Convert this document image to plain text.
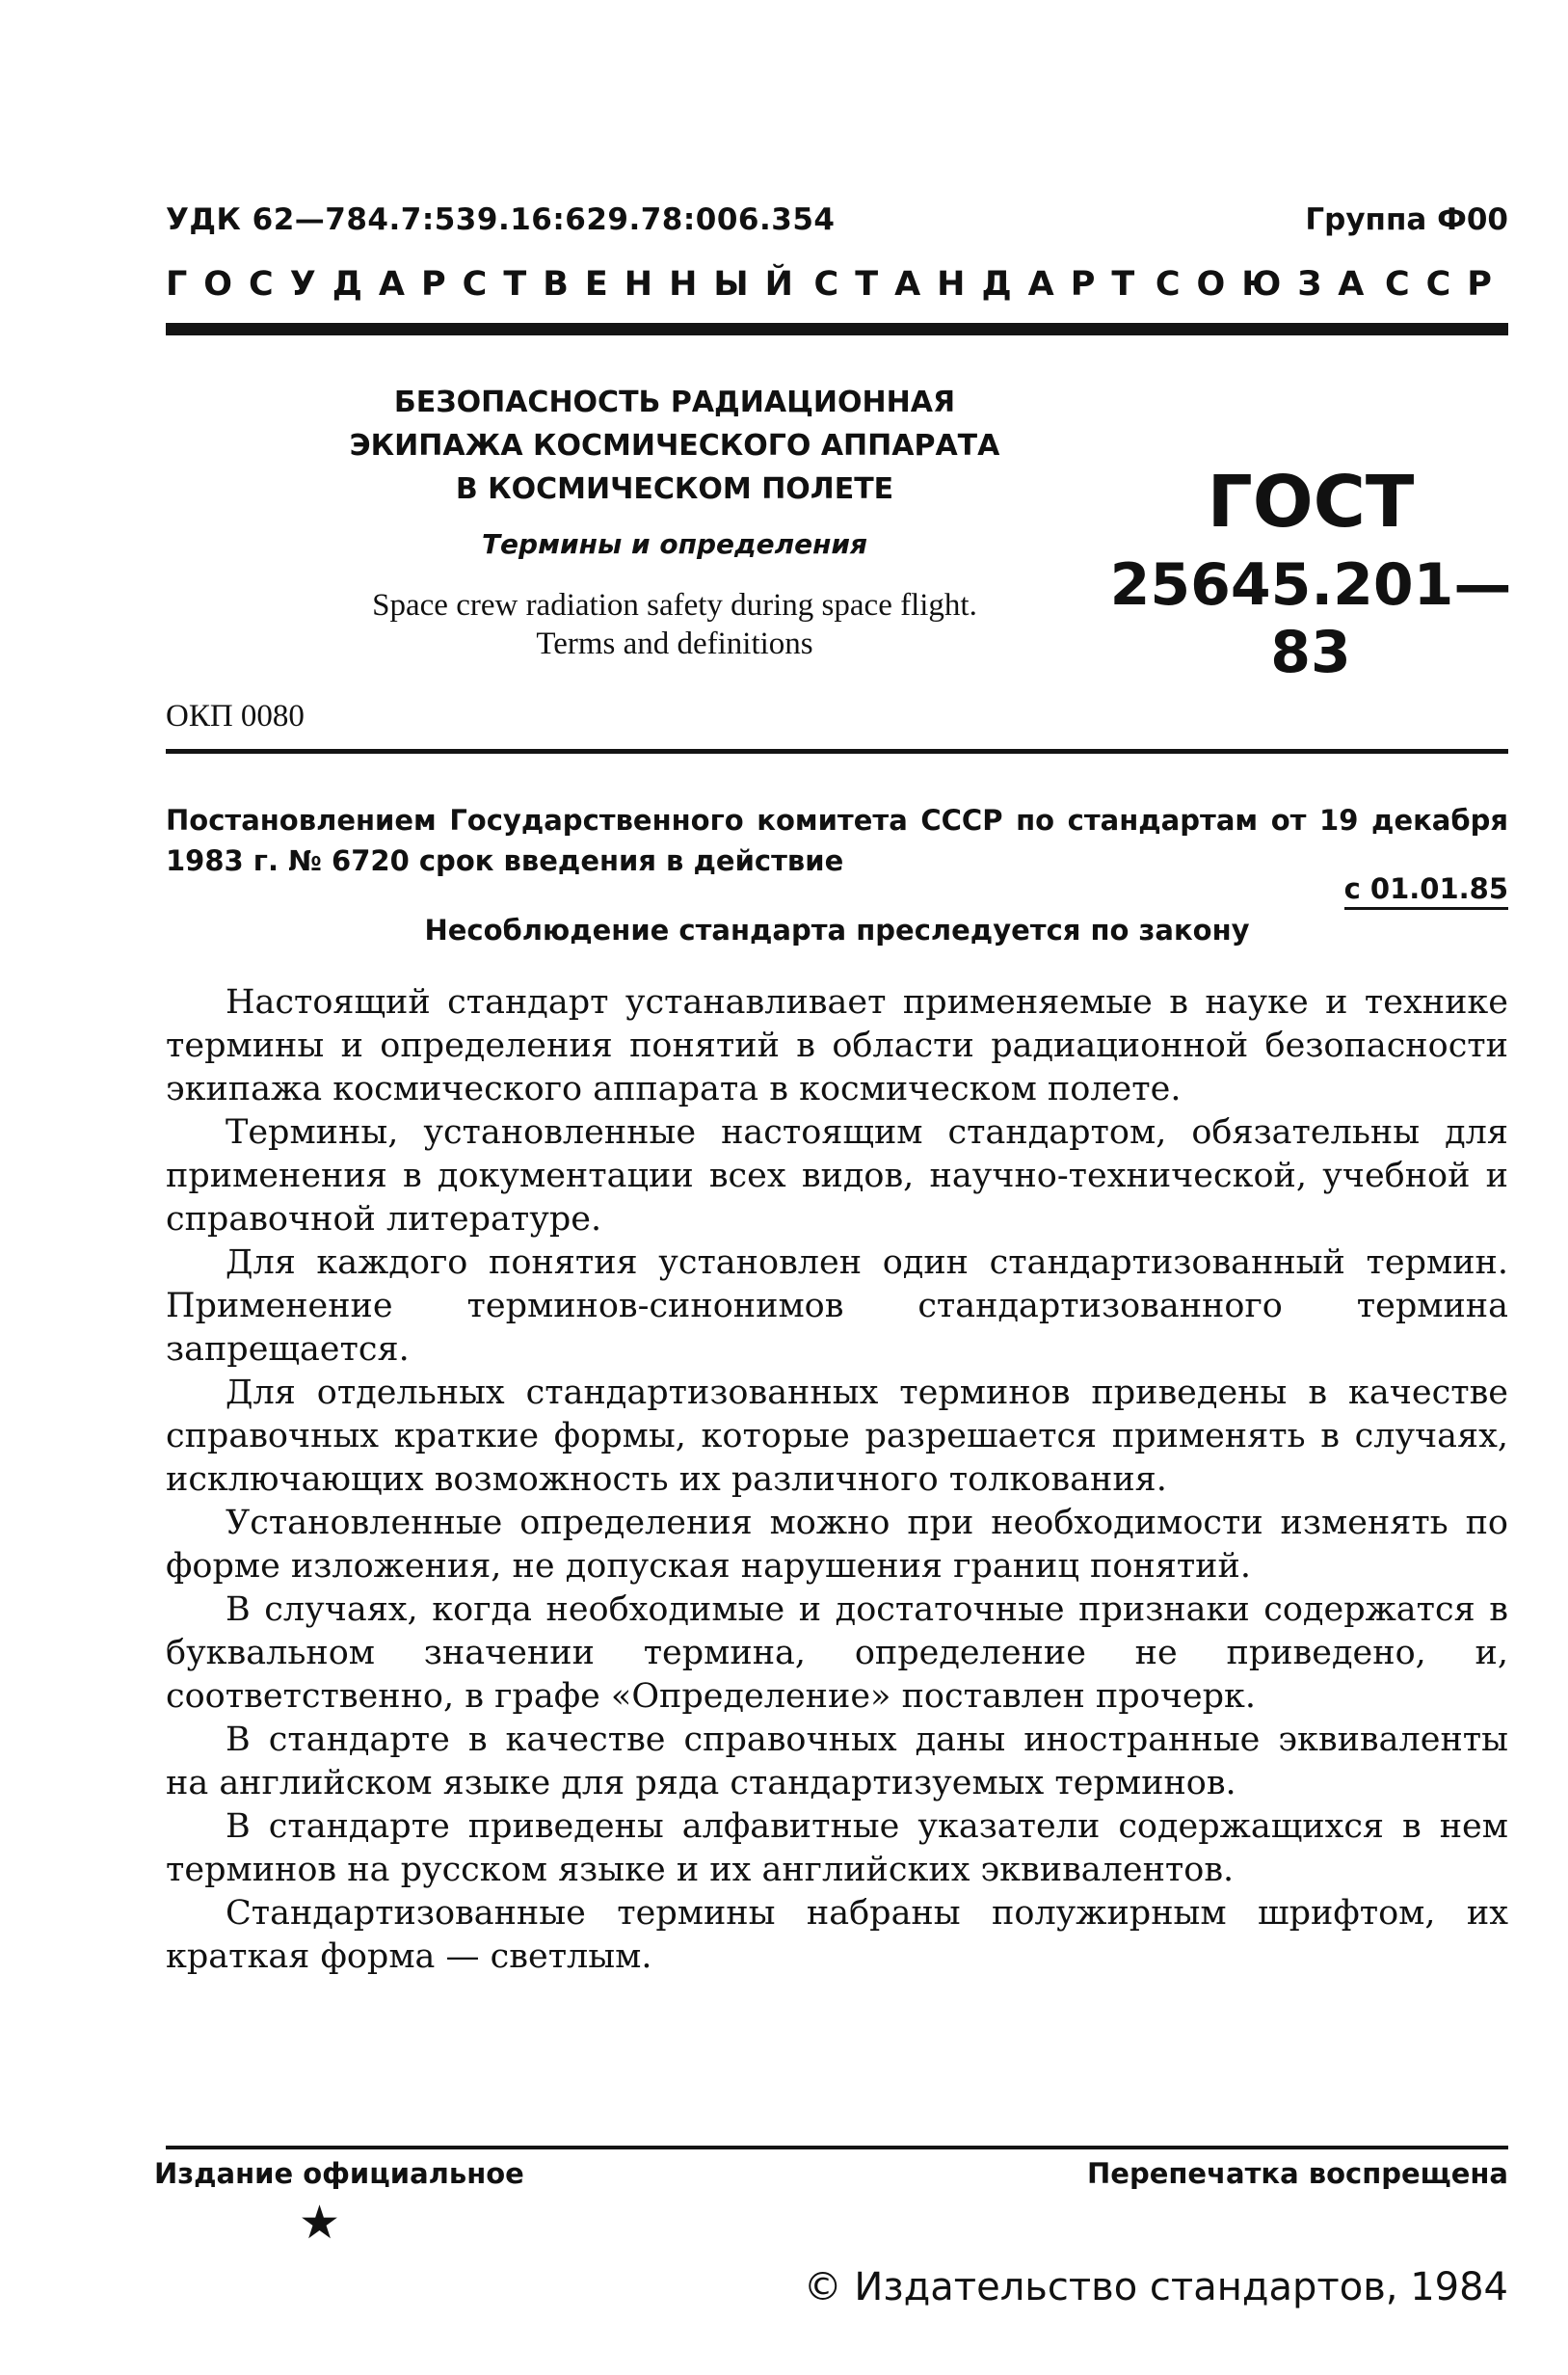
УДК 62—784.7:539.16:629.78:006.354	Группа Ф00
ГОСУДАРСТВЕННЫЙ СТАНДАРТ СОЮЗА ССР
БЕЗОПАСНОСТЬ РАДИАЦИОННАЯ
ЭКИПАЖА КОСМИЧЕСКОГО АППАРАТА
В КОСМИЧЕСКОМ ПОЛЕТЕ
Термины и определения
Space crew radiation safety during space flight.
Terms and definitions
ГОСТ
25645.201—83
ОКП 0080
Постановлением Государственного комитета СССР по стандартам от 19 декабря 1983 г. № 6720 срок введения в действие
с 01.01.85
Несоблюдение стандарта преследуется по закону

Настоящий стандарт устанавливает применяемые в науке и технике термины и определения понятий в области радиационной безопасности экипажа космического аппарата в космическом полете.

Термины, установленные настоящим стандартом, обязательны для применения в документации всех видов, научно-технической, учебной и справочной литературе.

Для каждого понятия установлен один стандартизованный термин. Применение терминов-синонимов стандартизованного термина запрещается.

Для отдельных стандартизованных терминов приведены в качестве справочных краткие формы, которые разрешается применять в случаях, исключающих возможность их различного толкования.

Установленные определения можно при необходимости изменять по форме изложения, не допуская нарушения границ понятий.

В случаях, когда необходимые и достаточные признаки содержатся в буквальном значении термина, определение не приведено, и, соответственно, в графе «Определение» поставлен прочерк.

В стандарте в качестве справочных даны иностранные эквиваленты на английском языке для ряда стандартизуемых терминов.

В стандарте приведены алфавитные указатели содержащихся в нем терминов на русском языке и их английских эквивалентов.

Стандартизованные термины набраны полужирным шрифтом, их краткая форма — светлым.

Издание официальное	Перепечатка воспрещена
★
© Издательство стандартов, 1984
